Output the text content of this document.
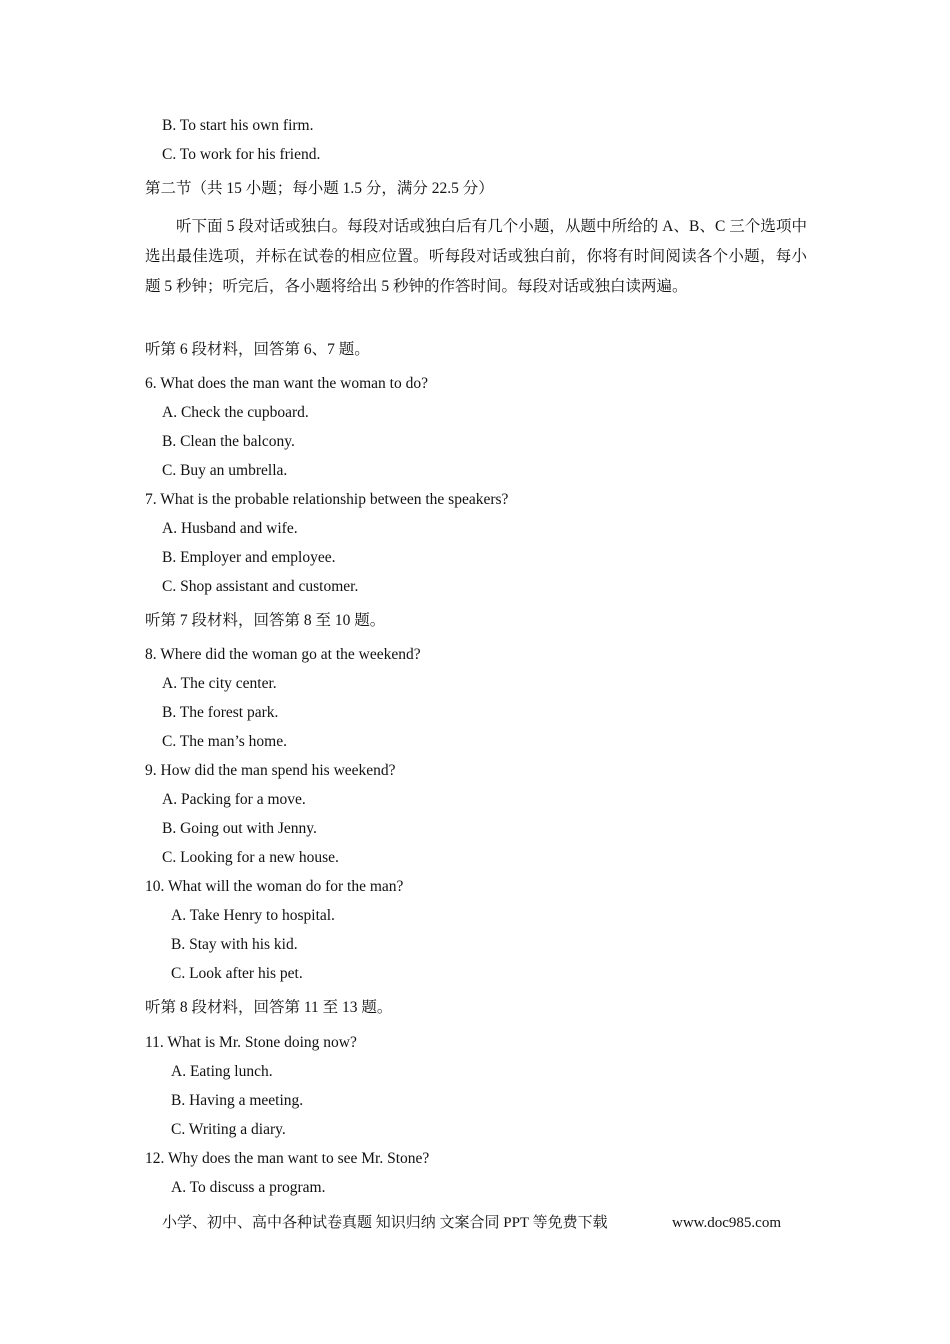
B. To start his own firm.
C. To work for his friend.
第二节（共 15 小题；每小题 1.5 分，满分 22.5 分）
听下面 5 段对话或独白。每段对话或独白后有几个小题，从题中所给的 A、B、C 三个选项中选出最佳选项，并标在试卷的相应位置。听每段对话或独白前，你将有时间阅读各个小题，每小题 5 秒钟；听完后，各小题将给出 5 秒钟的作答时间。每段对话或独白读两遍。
听第 6 段材料，回答第 6、7 题。
6. What does the man want the woman to do?
A. Check the cupboard.
B. Clean the balcony.
C. Buy an umbrella.
7. What is the probable relationship between the speakers?
A. Husband and wife.
B. Employer and employee.
C. Shop assistant and customer.
听第 7 段材料，回答第 8 至 10 题。
8. Where did the woman go at the weekend?
A. The city center.
B. The forest park.
C. The man’s home.
9. How did the man spend his weekend?
A. Packing for a move.
B. Going out with Jenny.
C. Looking for a new house.
10. What will the woman do for the man?
A. Take Henry to hospital.
B. Stay with his kid.
C. Look after his pet.
听第 8 段材料，回答第 11 至 13 题。
11. What is Mr. Stone doing now?
A. Eating lunch.
B. Having a meeting.
C. Writing a diary.
12. Why does the man want to see Mr. Stone?
A. To discuss a program.
小学、初中、高中各种试卷真题 知识归纳 文案合同 PPT 等免费下载	www.doc985.com
